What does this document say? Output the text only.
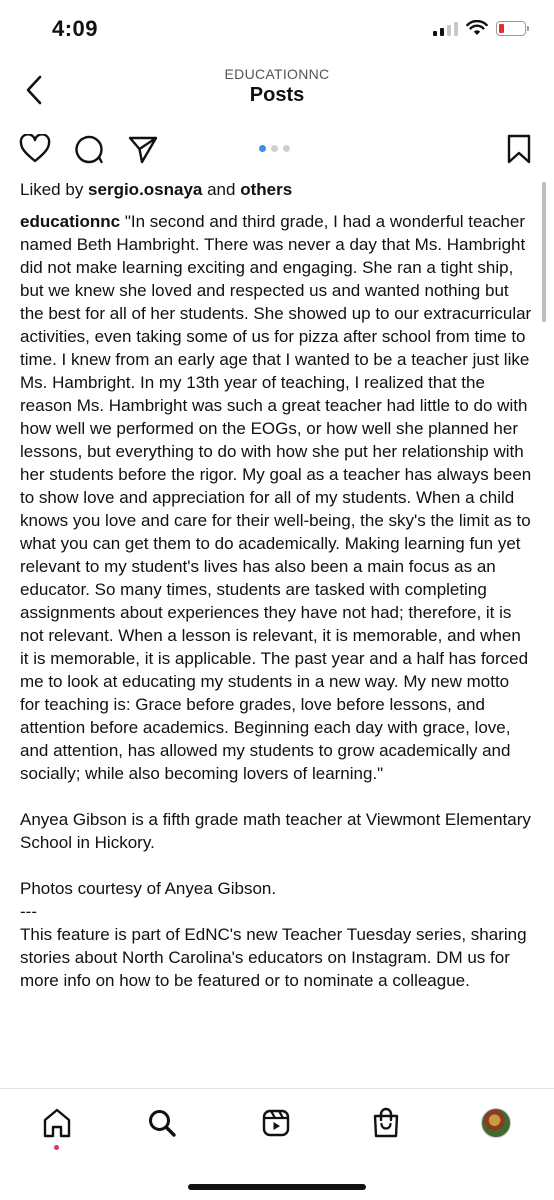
4:09
EDUCATIONNC
Posts
Liked by sergio.osnaya and others

educationnc "In second and third grade, I had a wonderful teacher named Beth Hambright. There was never a day that Ms. Hambright did not make learning exciting and engaging. She ran a tight ship, but we knew she loved and respected us and wanted nothing but the best for all of her students. She showed up to our extracurricular activities, even taking some of us for pizza after school from time to time. I knew from an early age that I wanted to be a teacher just like Ms. Hambright. In my 13th year of teaching, I realized that the reason Ms. Hambright was such a great teacher had little to do with how well we performed on the EOGs, or how well she planned her lessons, but everything to do with how she put her relationship with her students before the rigor. My goal as a teacher has always been to show love and appreciation for all of my students. When a child knows you love and care for their well-being, the sky's the limit as to what you can get them to do academically. Making learning fun yet relevant to my student's lives has also been a main focus as an educator. So many times, students are tasked with completing assignments about experiences they have not had; therefore, it is not relevant. When a lesson is relevant, it is memorable, and when it is memorable, it is applicable. The past year and a half has forced me to look at educating my students in a new way. My new motto for teaching is: Grace before grades, love before lessons, and attention before academics. Beginning each day with grace, love, and attention, has allowed my students to grow academically and socially; while also becoming lovers of learning."

Anyea Gibson is a fifth grade math teacher at Viewmont Elementary School in Hickory.

Photos courtesy of Anyea Gibson.

---

This feature is part of EdNC's new Teacher Tuesday series, sharing stories about North Carolina's educators on Instagram. DM us for more info on how to be featured or to nominate a colleague.
